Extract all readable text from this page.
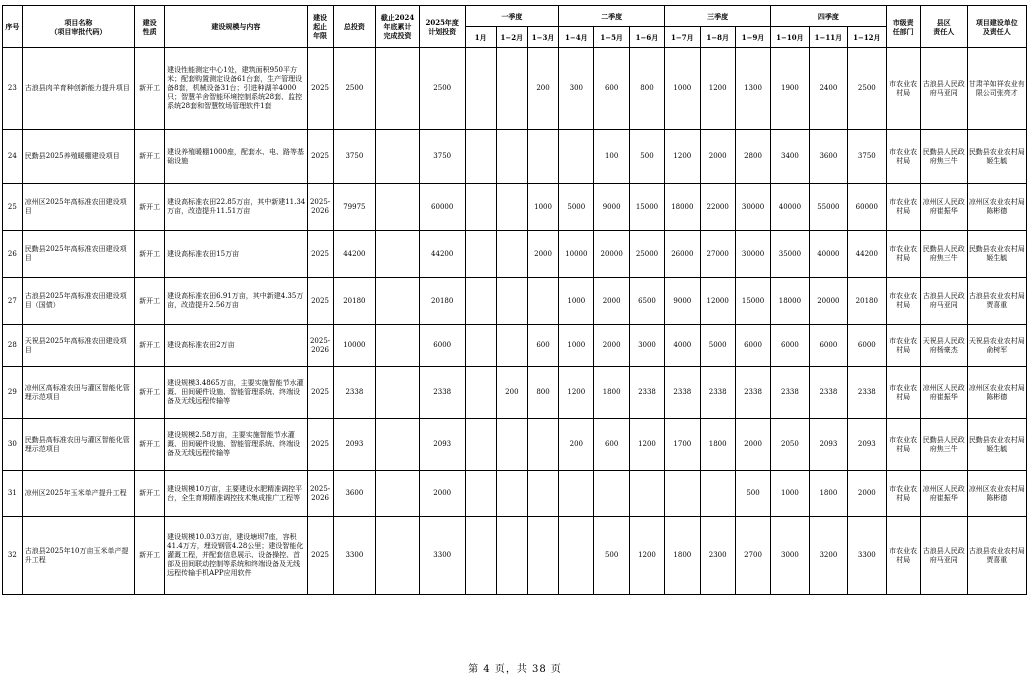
序号	项目名称
（项目审批代码）	建设
性质	建设规模与内容	建设
起止
年限	总投资	截止2024
年底累计
完成投资	2025年度
计划投资	一季度			二季度			三季度			四季度			市级责
任部门	县区
责任人	项目建设单位
及责任人
								1月	1−2月	1−3月	1−4月	1−5月	1−6月	1−7月	1−8月	1−9月	1−10月	1−11月	1−12月			
23	古浪县肉羊育种创新能力提升项目	新开工	建设性能测定中心1处，建筑面积950平方米；配套购置测定设备61台套，生产管理设备8套，机械设备31台；引进种湖羊4000只；智慧羊舍智能环境控制系统28套、监控系统28套和智慧牧场管理软件1套	2025	2500		2500			200	300	600	800	1000	1200	1300	1900	2400	2500	市农业农村局	古浪县人民政府马亚同	甘肃羊如祥农业有限公司张亮才
24	民勤县2025养殖暖棚建设项目	新开工	建设养殖暖棚1000座，配套水、电、路等基础设施	2025	3750		3750					100	500	1200	2000	2800	3400	3600	3750	市农业农村局	民勤县人民政府焦三牛	民勤县农业农村局姬生毓
25	凉州区2025年高标准农田建设项目	新开工	建设高标准农田22.85万亩，其中新建11.34万亩，改造提升11.51万亩	2025-2026	79975		60000			1000	5000	9000	15000	18000	22000	30000	40000	55000	60000	市农业农村局	凉州区人民政府崔振华	凉州区农业农村局陈彬德
26	民勤县2025年高标准农田建设项目	新开工	建设高标准农田15万亩	2025	44200		44200			2000	10000	20000	25000	26000	27000	30000	35000	40000	44200	市农业农村局	民勤县人民政府焦三牛	民勤县农业农村局姬生毓
27	古浪县2025年高标准农田建设项目（国债）	新开工	建设高标准农田6.91万亩，其中新建4.35万亩，改造提升2.56万亩	2025	20180		20180				1000	2000	6500	9000	12000	15000	18000	20000	20180	市农业农村局	古浪县人民政府马亚同	古浪县农业农村局贾喜重
28	天祝县2025年高标准农田建设项目	新开工	建设高标准农田2万亩	2025-2026	10000		6000			600	1000	2000	3000	4000	5000	6000	6000	6000	6000	市农业农村局	天祝县人民政府杨豪杰	天祝县农业农村局俞树军
29	凉州区高标准农田与灌区智能化管理示范项目	新开工	建设规模3.4865万亩，主要实施智能节水灌溉、田间硬件设施、智能管理系统、终端设备及无线远程传输等	2025	2338		2338		200	800	1200	1800	2338	2338	2338	2338	2338	2338	2338	市农业农村局	凉州区人民政府崔振华	凉州区农业农村局陈彬德
30	民勤县高标准农田与灌区智能化管理示范项目	新开工	建设规模2.58万亩，主要实施智能节水灌溉、田间硬件设施、智能管理系统、终端设备及无线远程传输等	2025	2093		2093				200	600	1200	1700	1800	2000	2050	2093	2093	市农业农村局	民勤县人民政府焦三牛	民勤县农业农村局姬生毓
31	凉州区2025年玉米单产提升工程	新开工	建设规模10万亩，主要建设水肥精准调控平台，全生育期精准调控技术集成推广工程等	2025-2026	3600		2000									500	1000	1800	2000	市农业农村局	凉州区人民政府崔振华	凉州区农业农村局陈彬德
32	古浪县2025年10万亩玉米单产提升工程	新开工	建设规模10.03万亩，建设塘坝7座，容积41.4万方，埋设钢管4.28公里；建设智能化灌溉工程，并配套信息展示、设备操控、首部及田间联动控制等系统和终端设备及无线远程传输手机APP应用软件	2025	3300		3300					500	1200	1800	2300	2700	3000	3200	3300	市农业农村局	古浪县人民政府马亚同	古浪县农业农村局贾喜重
第 4 页，共 38 页
